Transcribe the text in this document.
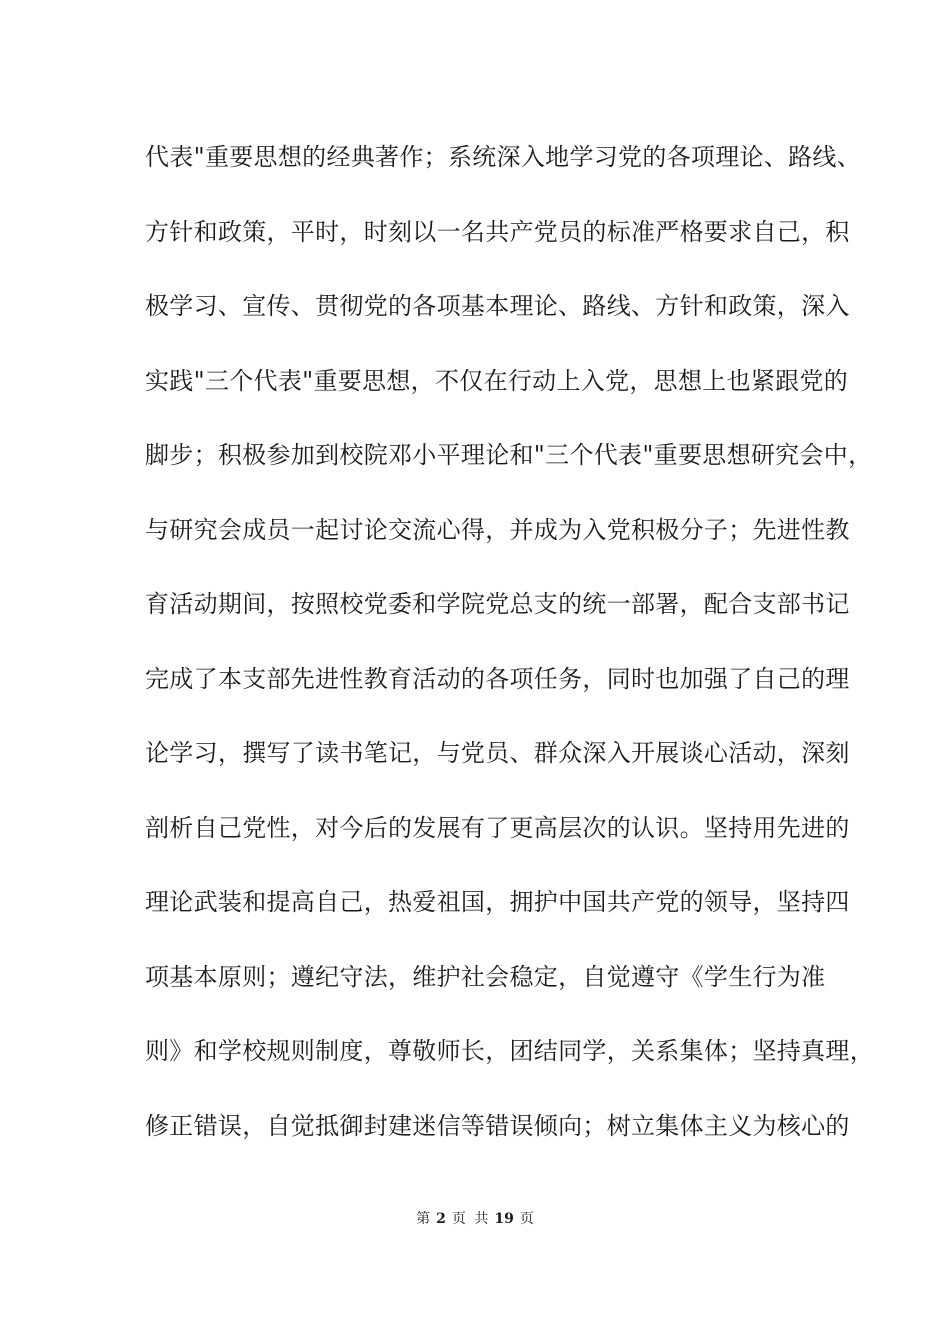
代表"重要思想的经典著作；系统深入地学习党的各项理论、路线、
方针和政策，平时，时刻以一名共产党员的标准严格要求自己，积
极学习、宣传、贯彻党的各项基本理论、路线、方针和政策，深入
实践"三个代表"重要思想，不仅在行动上入党，思想上也紧跟党的
脚步；积极参加到校院邓小平理论和"三个代表"重要思想研究会中，
与研究会成员一起讨论交流心得，并成为入党积极分子；先进性教
育活动期间，按照校党委和学院党总支的统一部署，配合支部书记
完成了本支部先进性教育活动的各项任务，同时也加强了自己的理
论学习，撰写了读书笔记，与党员、群众深入开展谈心活动，深刻
剖析自己党性，对今后的发展有了更高层次的认识。坚持用先进的
理论武装和提高自己，热爱祖国，拥护中国共产党的领导，坚持四
项基本原则；遵纪守法，维护社会稳定，自觉遵守《学生行为准
则》和学校规则制度，尊敬师长，团结同学，关系集体；坚持真理，
修正错误，自觉抵御封建迷信等错误倾向；树立集体主义为核心的
第 2 页 共 19 页
